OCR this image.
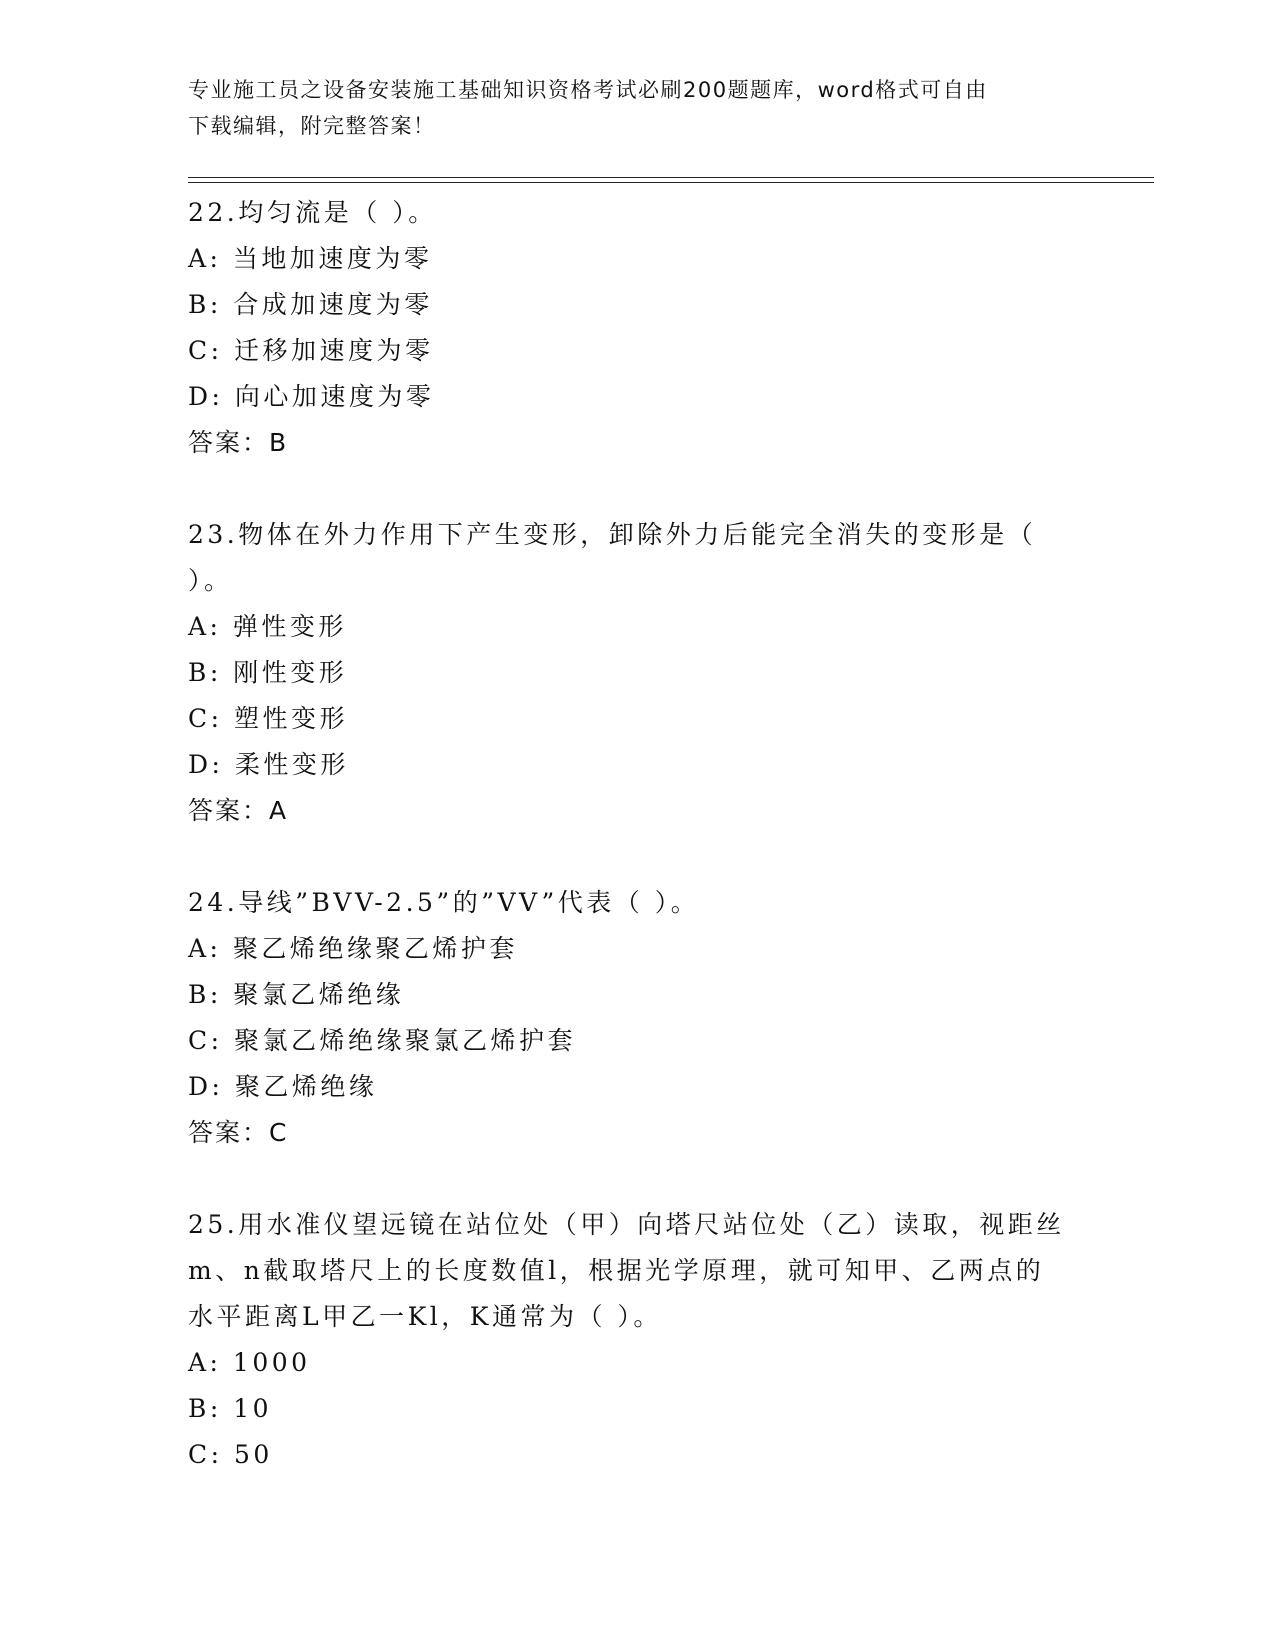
专业施工员之设备安装施工基础知识资格考试必刷200题题库，word格式可自由
下载编辑，附完整答案！

22.均匀流是（ ）。

A: 当地加速度为零

B: 合成加速度为零

C: 迁移加速度为零

D: 向心加速度为零

答案：B

23.物体在外力作用下产生变形，卸除外力后能完全消失的变形是（

）。

A: 弹性变形

B: 刚性变形

C: 塑性变形

D: 柔性变形

答案：A

24.导线”BVV-2.5”的”VV”代表（ ）。

A: 聚乙烯绝缘聚乙烯护套

B: 聚氯乙烯绝缘

C: 聚氯乙烯绝缘聚氯乙烯护套

D: 聚乙烯绝缘

答案：C

25.用水准仪望远镜在站位处（甲）向塔尺站位处（乙）读取，视距丝

m、n截取塔尺上的长度数值l，根据光学原理，就可知甲、乙两点的

水平距离L甲乙一Kl，K通常为（ ）。

A: 1000

B: 10

C: 50
